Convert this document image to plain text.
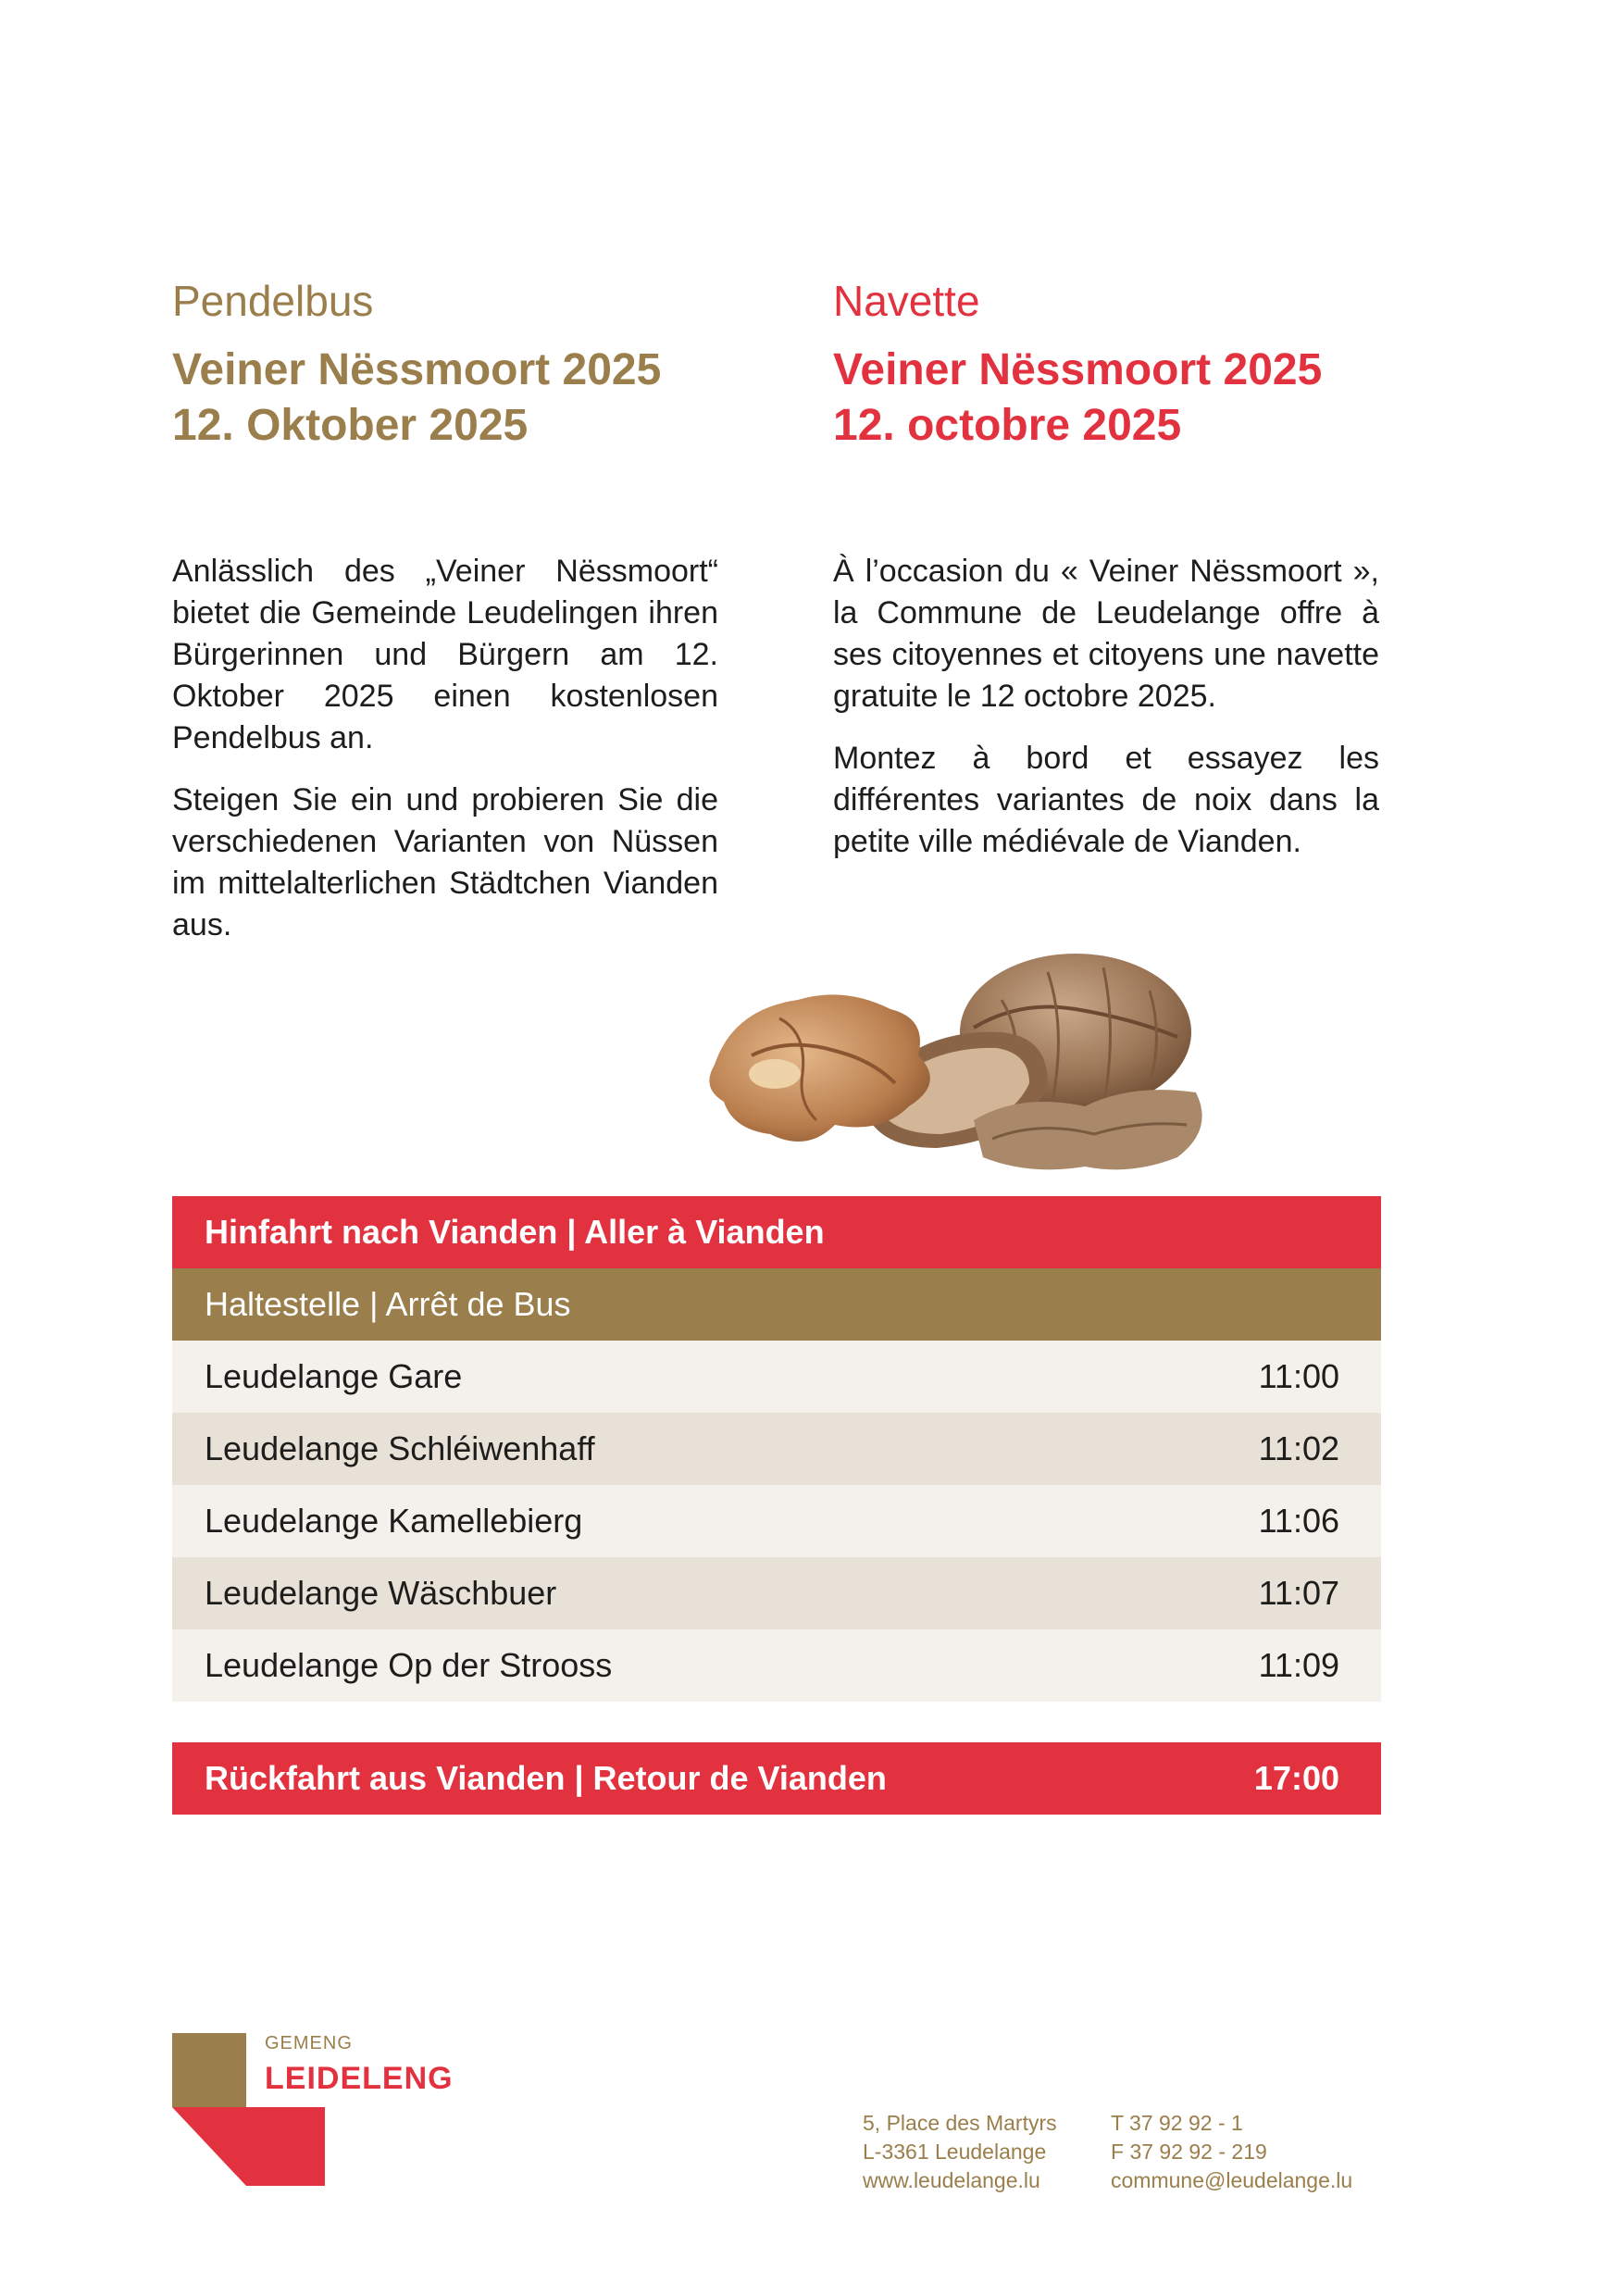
Pendelbus
Veiner Nëssmoort 2025
12. Oktober 2025

Anlässlich des „Veiner Nëssmoort“ bietet die Gemeinde Leudelingen ihren Bürgerinnen und Bürgern am 12. Oktober 2025 einen kostenlosen Pendelbus an.

Steigen Sie ein und probieren Sie die verschiedenen Varianten von Nüssen im mittelalterlichen Städtchen Vianden aus.

Navette
Veiner Nëssmoort 2025
12. octobre 2025

À l’occasion du « Veiner Nëssmoort », la Commune de Leudelange offre à ses citoyennes et citoyens une navette gratuite le 12 octobre 2025.

Montez à bord et essayez les différentes variantes de noix dans la petite ville médiévale de Vianden.

Hinfahrt nach Vianden | Aller à Vianden
Haltestelle | Arrêt de Bus
Leudelange Gare	11:00
Leudelange Schléiwenhaff	11:02
Leudelange Kamellebierg	11:06
Leudelange Wäschbuer	11:07
Leudelange Op der Strooss	11:09
Rückfahrt aus Vianden | Retour de Vianden	17:00
GEMENG
LEIDELENG
5, Place des Martyrs
L-3361 Leudelange
www.leudelange.lu
T 37 92 92 - 1
F 37 92 92 - 219
commune@leudelange.lu
